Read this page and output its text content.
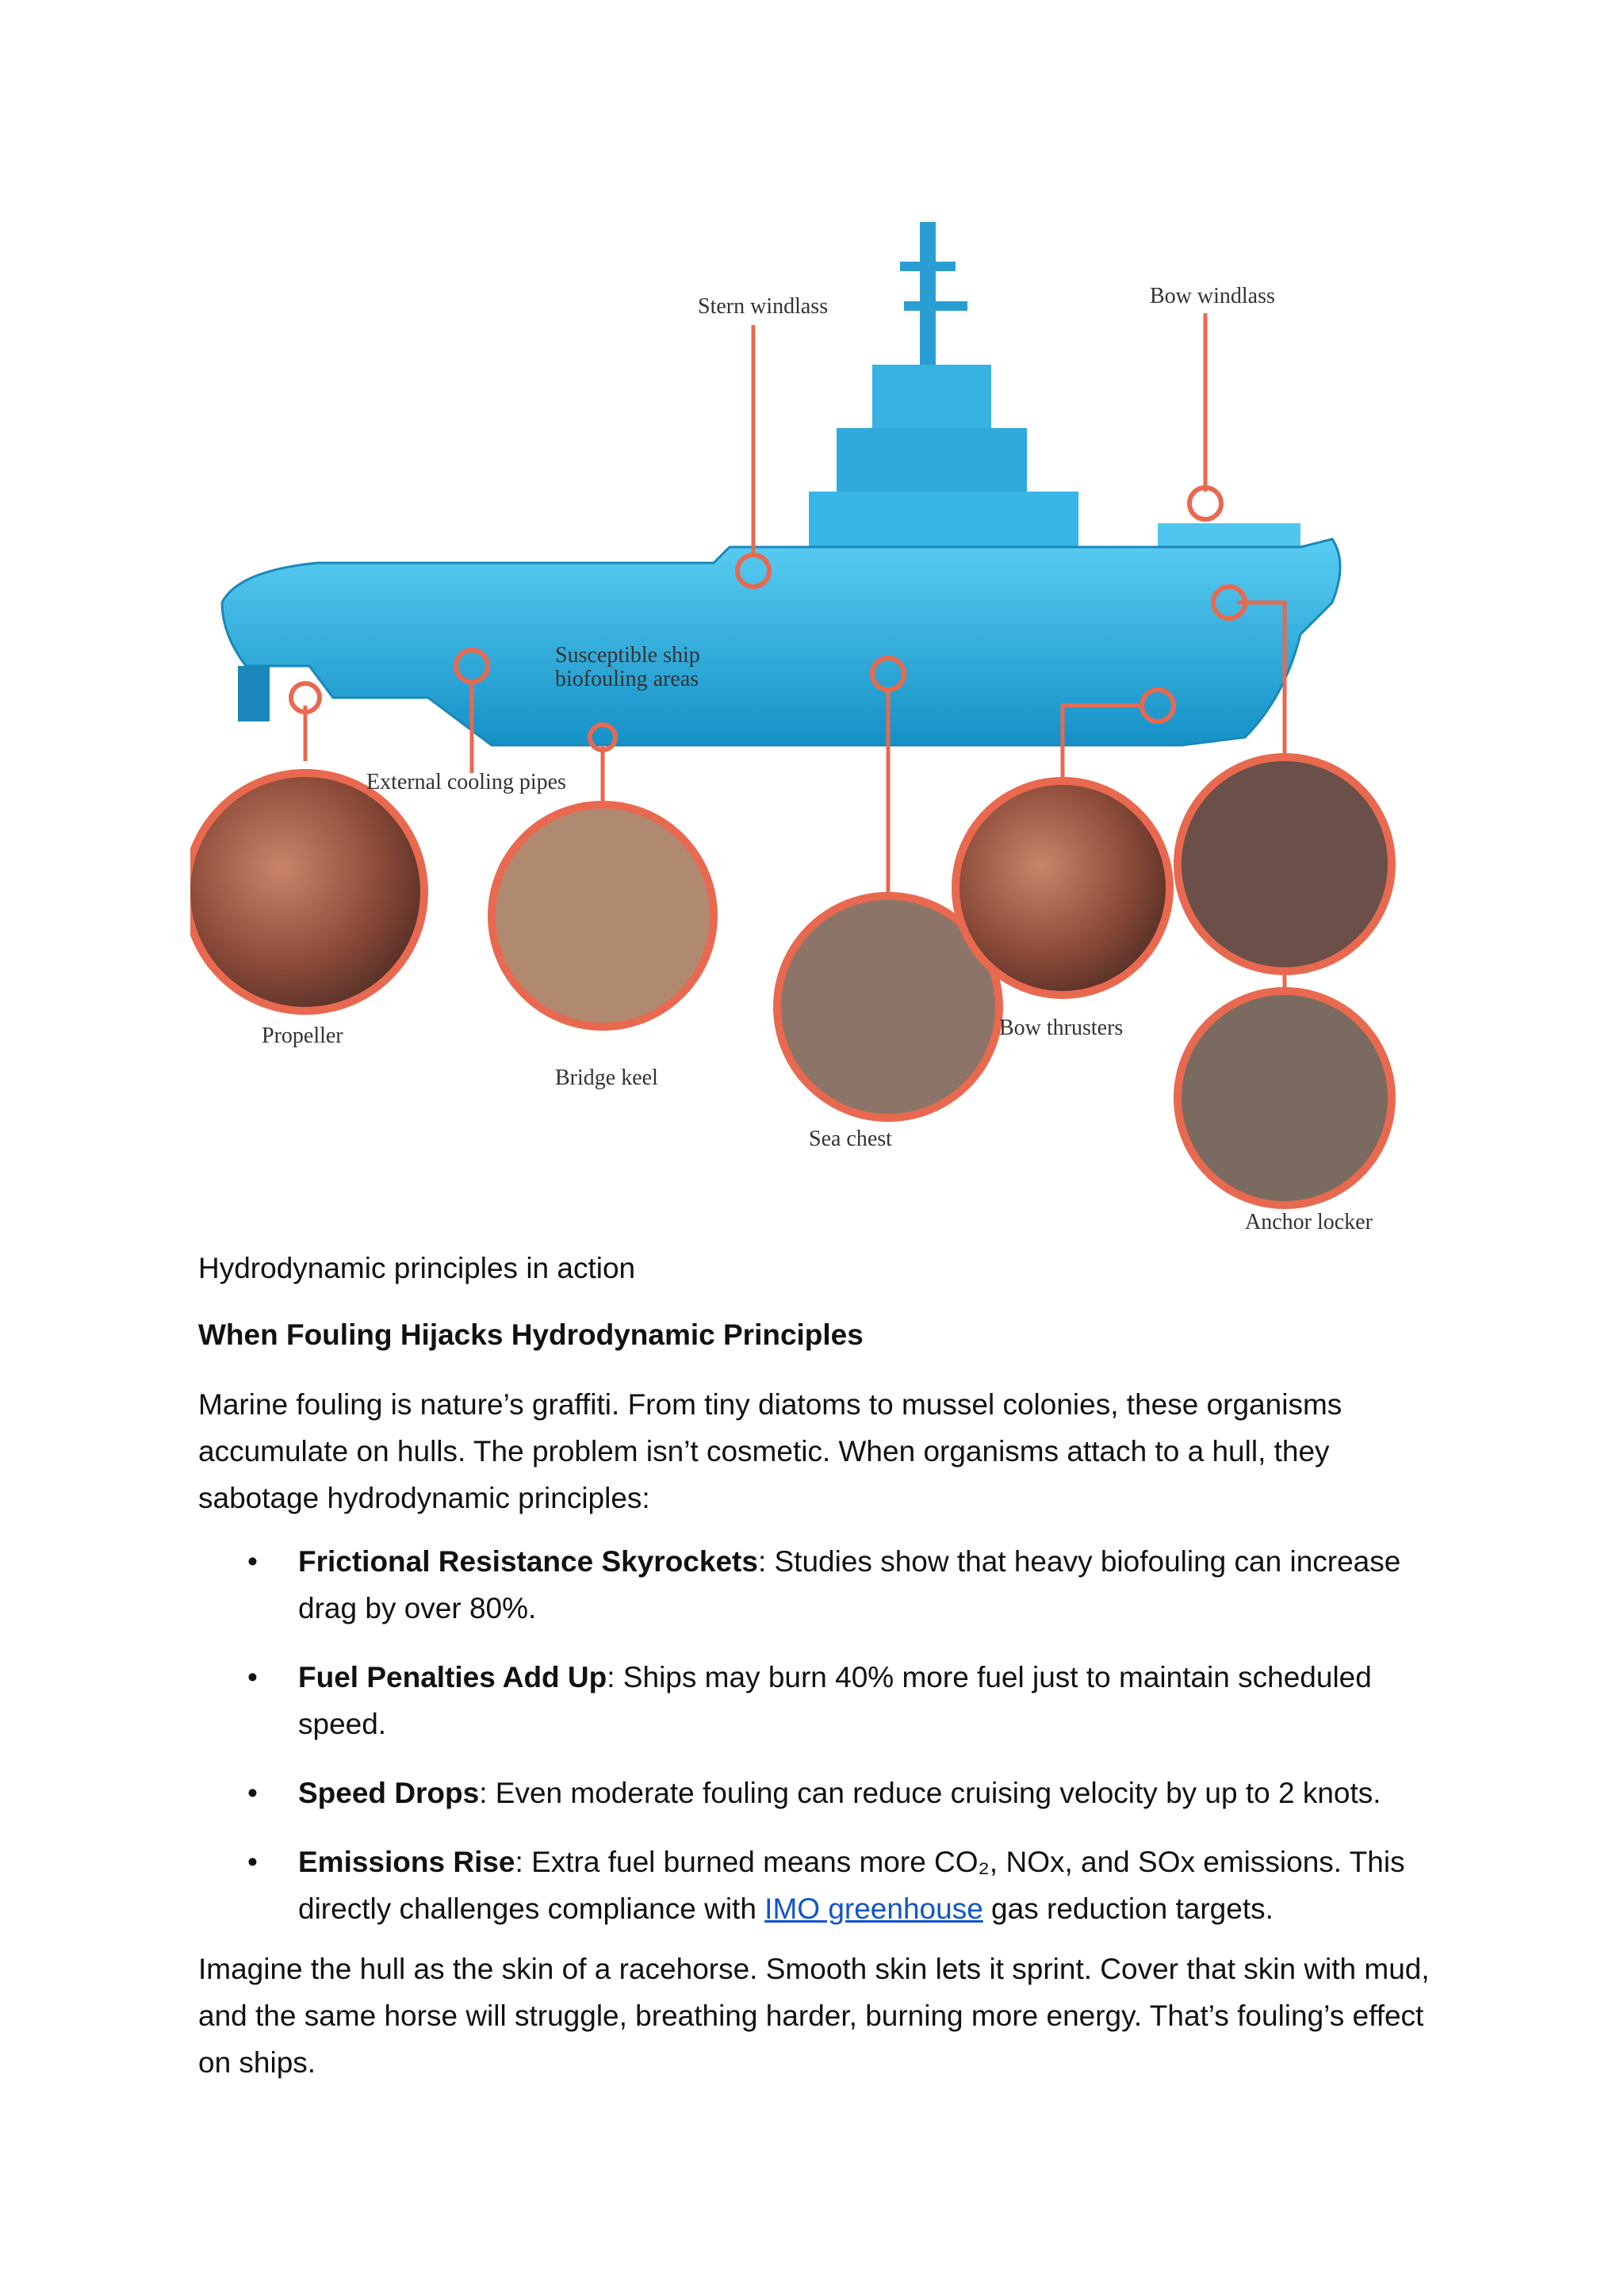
Stern windlass	Bow windlass
Susceptible ship
biofouling areas
External cooling pipes
Propeller
Bridge keel
Sea chest
Bow thrusters
Anchor locker
Hydrodynamic principles in action
When Fouling Hijacks Hydrodynamic Principles
Marine fouling is nature’s graffiti. From tiny diatoms to mussel colonies, these organisms accumulate on hulls. The problem isn’t cosmetic. When organisms attach to a hull, they sabotage hydrodynamic principles:
• Frictional Resistance Skyrockets: Studies show that heavy biofouling can increase drag by over 80%.
• Fuel Penalties Add Up: Ships may burn 40% more fuel just to maintain scheduled speed.
• Speed Drops: Even moderate fouling can reduce cruising velocity by up to 2 knots.
• Emissions Rise: Extra fuel burned means more CO₂, NOx, and SOx emissions. This directly challenges compliance with IMO greenhouse gas reduction targets.
Imagine the hull as the skin of a racehorse. Smooth skin lets it sprint. Cover that skin with mud, and the same horse will struggle, breathing harder, burning more energy. That’s fouling’s effect on ships.
